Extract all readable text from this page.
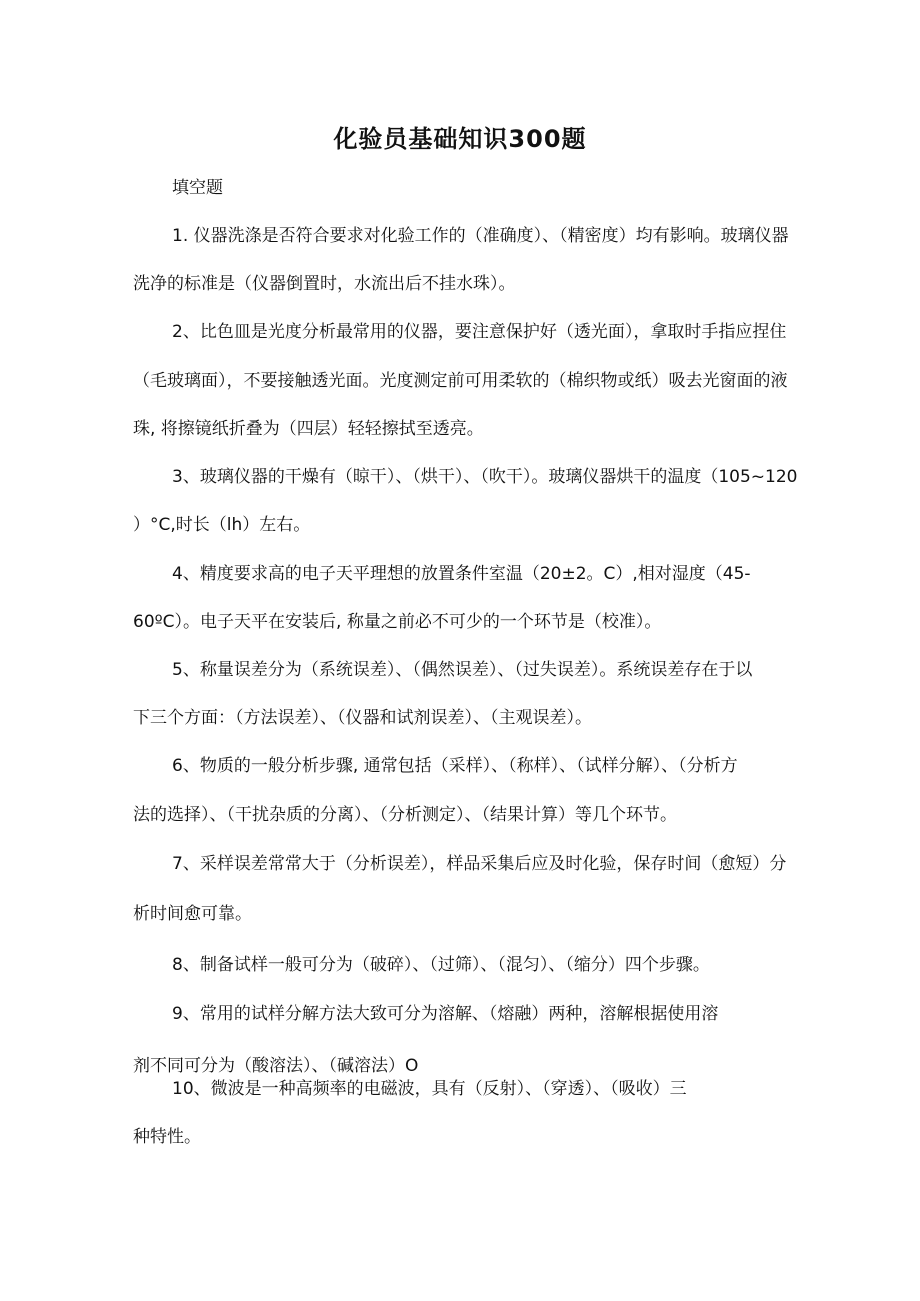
化验员基础知识300题
填空题
1. 仪器洗涤是否符合要求对化验工作的（准确度）、（精密度）均有影响。玻璃仪器
洗净的标准是（仪器倒置时，水流出后不挂水珠）。
2、比色皿是光度分析最常用的仪器，要注意保护好（透光面），拿取时手指应捏住
（毛玻璃面），不要接触透光面。光度测定前可用柔软的（棉织物或纸）吸去光窗面的液
珠, 将擦镜纸折叠为（四层）轻轻擦拭至透亮。
3、玻璃仪器的干燥有（晾干）、（烘干）、（吹干）。玻璃仪器烘干的温度（105~120
）°C,时长（lh）左右。
4、精度要求高的电子天平理想的放置条件室温（20±2。C）,相对湿度（45-
60ºC）。电子天平在安装后, 称量之前必不可少的一个环节是（校准）。
5、称量误差分为（系统误差）、（偶然误差）、（过失误差）。系统误差存在于以
下三个方面：（方法误差）、（仪器和试剂误差）、（主观误差）。
6、物质的一般分析步骤, 通常包括（采样）、（称样）、（试样分解）、（分析方
法的选择）、（干扰杂质的分离）、（分析测定）、（结果计算）等几个环节。
7、采样误差常常大于（分析误差），样品采集后应及时化验，保存时间（愈短）分
析时间愈可靠。
8、制备试样一般可分为（破碎）、（过筛）、（混匀）、（缩分）四个步骤。
9、常用的试样分解方法大致可分为溶解、（熔融）两种，溶解根据使用溶
剂不同可分为（酸溶法）、（碱溶法）O
10、微波是一种高频率的电磁波，具有（反射）、（穿透）、（吸收）三
种特性。
